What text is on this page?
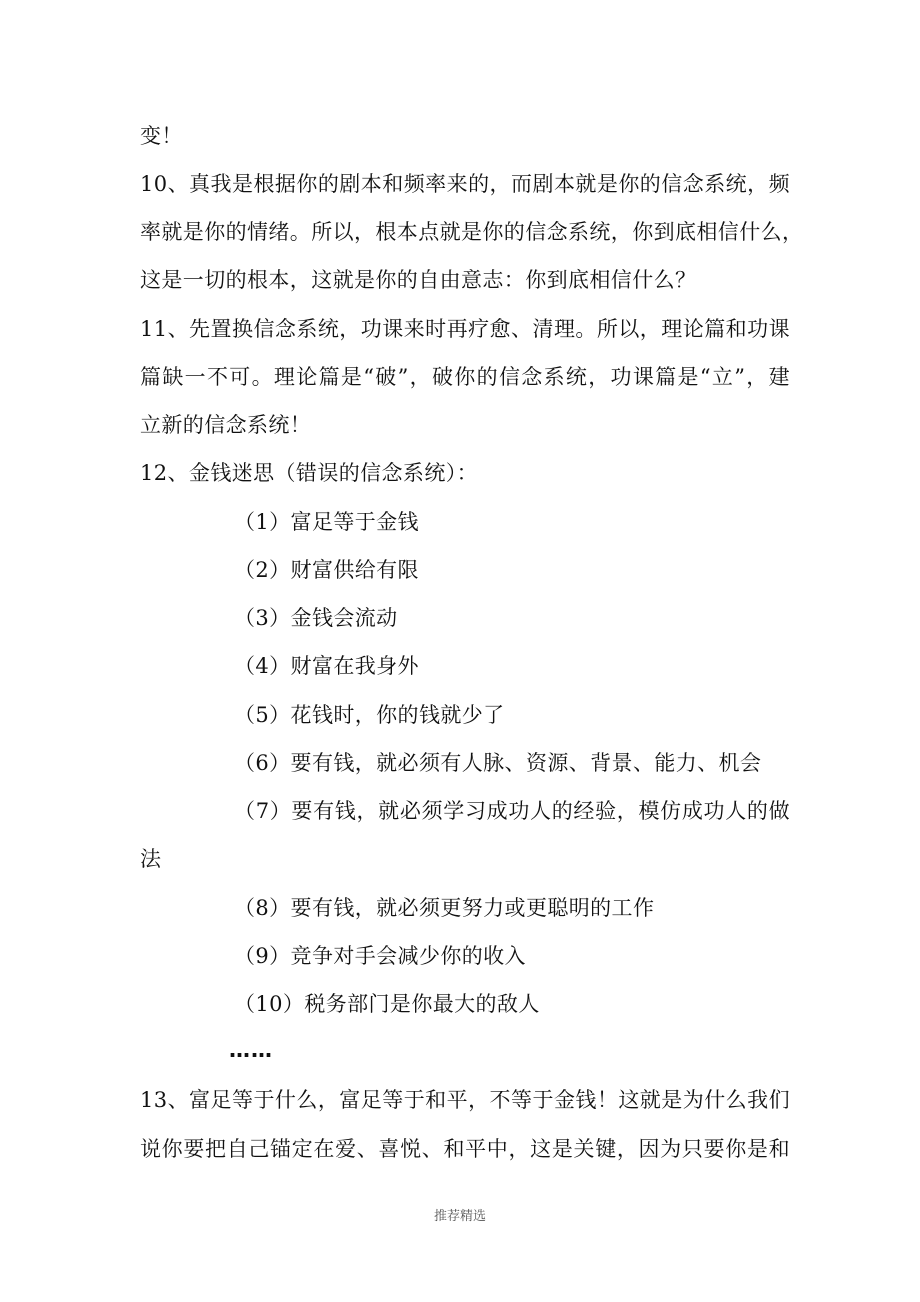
变！
10、真我是根据你的剧本和频率来的，而剧本就是你的信念系统，频
率就是你的情绪。所以，根本点就是你的信念系统，你到底相信什么，
这是一切的根本，这就是你的自由意志：你到底相信什么？
11、先置换信念系统，功课来时再疗愈、清理。所以，理论篇和功课
篇缺一不可。理论篇是“破”，破你的信念系统，功课篇是“立”，建
立新的信念系统！
12、金钱迷思（错误的信念系统）：
（1）富足等于金钱
（2）财富供给有限
（3）金钱会流动
（4）财富在我身外
（5）花钱时，你的钱就少了
（6）要有钱，就必须有人脉、资源、背景、能力、机会
（7）要有钱，就必须学习成功人的经验，模仿成功人的做
法
（8）要有钱，就必须更努力或更聪明的工作
（9）竞争对手会减少你的收入
（10）税务部门是你最大的敌人
……
13、富足等于什么，富足等于和平，不等于金钱！这就是为什么我们
说你要把自己锚定在爱、喜悦、和平中，这是关键，因为只要你是和
推荐精选
